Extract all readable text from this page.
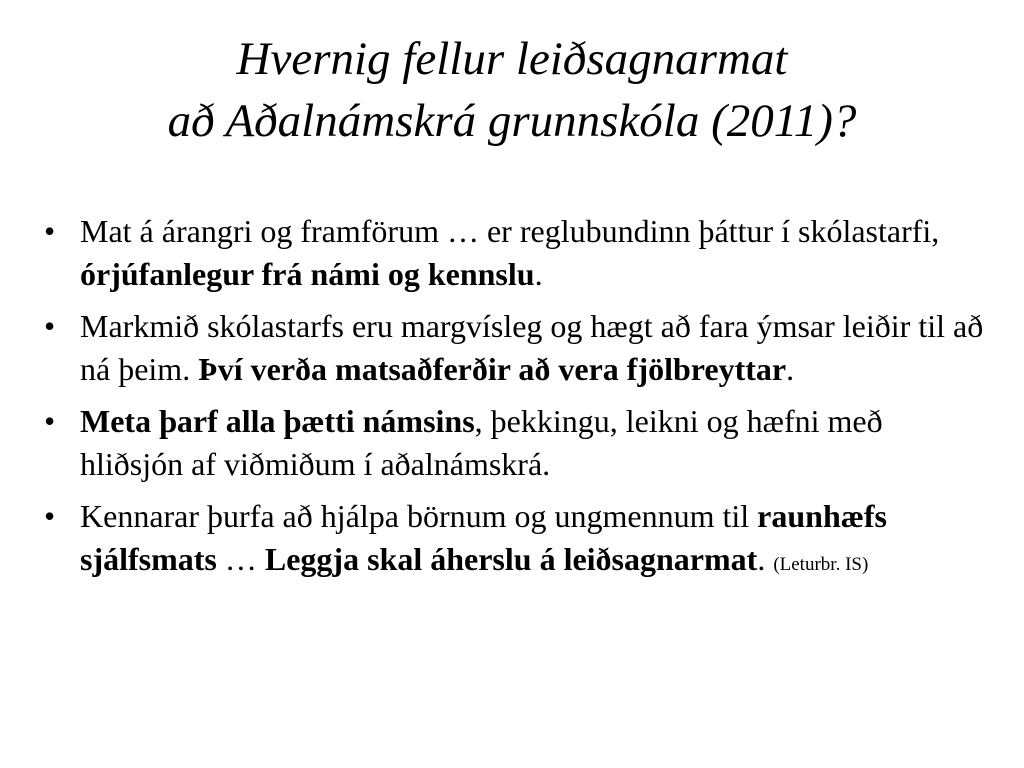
Hvernig fellur leiðsagnarmat
að Aðalnámskrá grunnskóla (2011)?
• Mat á árangri og framförum … er reglubundinn þáttur í skólastarfi, órjúfanlegur frá námi og kennslu.
• Markmið skólastarfs eru margvísleg og hægt að fara ýmsar leiðir til að ná þeim. Því verða matsaðferðir að vera fjölbreyttar.
• Meta þarf alla þætti námsins, þekkingu, leikni og hæfni með hliðsjón af viðmiðum í aðalnámskrá.
• Kennarar þurfa að hjálpa börnum og ungmennum til raunhæfs sjálfsmats … Leggja skal áherslu á leiðsagnarmat. (Leturbr. IS)
